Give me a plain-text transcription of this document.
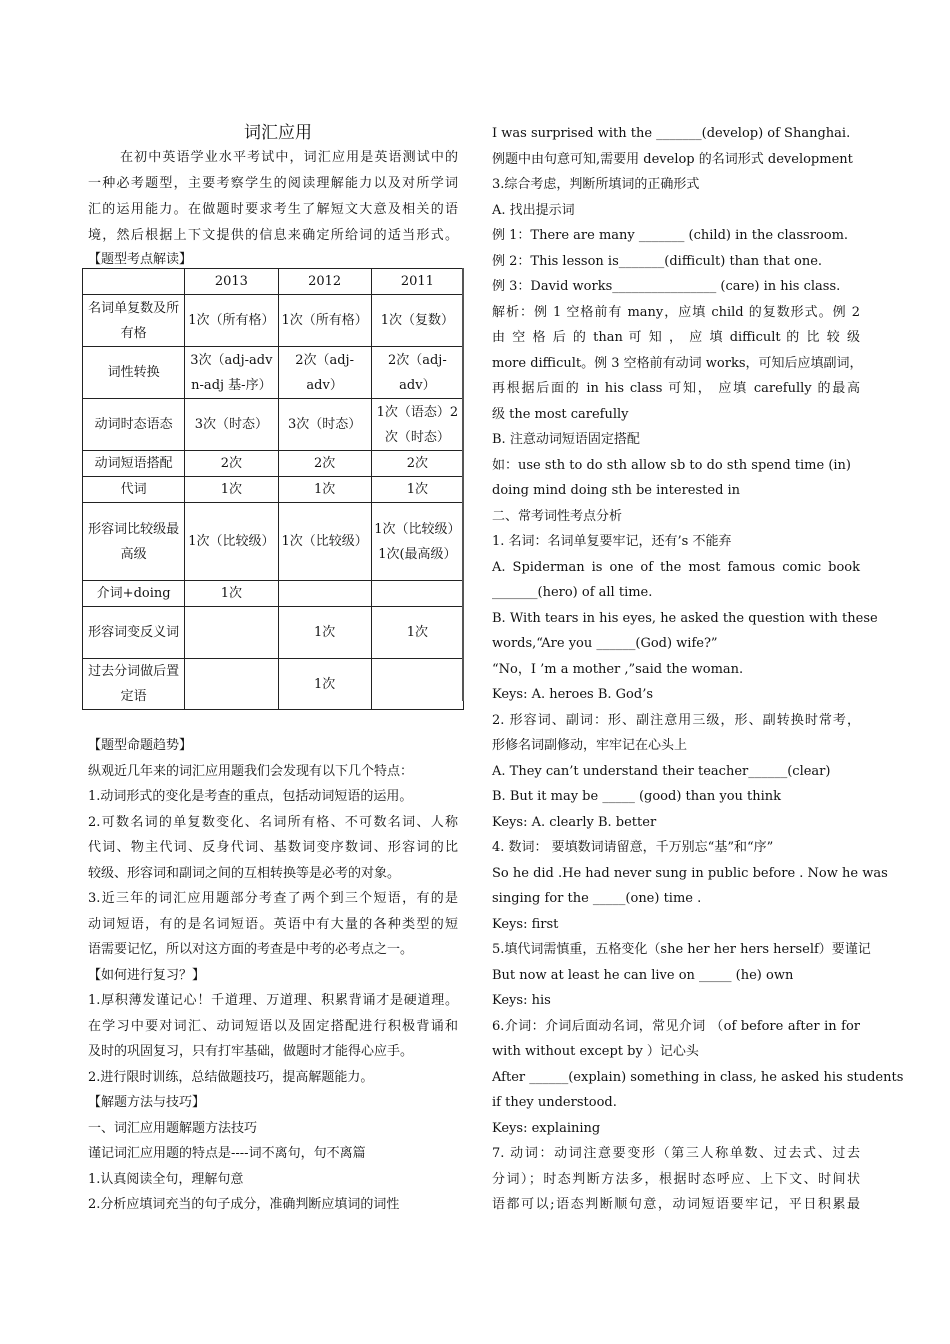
词汇应用
在初中英语学业水平考试中，词汇应用是英语测试中的
一种必考题型，主要考察学生的阅读理解能力以及对所学词
汇的运用能力。在做题时要求考生了解短文大意及相关的语
境，然后根据上下文提供的信息来确定所给词的适当形式。
【题型考点解读】
	2013	2012	2011
名词单复数及所有格	1次（所有格）	1次（所有格）	1次（复数）
词性转换	3次（adj-adv n-adj 基-序）	2次（adj-adv）	2次（adj-adv）
动词时态语态	3次（时态）	3次（时态）	1次（语态）2次（时态）
动词短语搭配	2次	2次	2次
代词	1次	1次	1次
形容词比较级最高级	1次（比较级）	1次（比较级）	1次（比较级）1次(最高级）
介词+doing	1次		
形容词变反义词		1次	1次
过去分词做后置定语		1次	
【题型命题趋势】
纵观近几年来的词汇应用题我们会发现有以下几个特点：
1.动词形式的变化是考查的重点，包括动词短语的运用。
2.可数名词的单复数变化、名词所有格、不可数名词、人称
代词、物主代词、反身代词、基数词变序数词、形容词的比
较级、形容词和副词之间的互相转换等是必考的对象。
3.近三年的词汇应用题部分考查了两个到三个短语，有的是
动词短语，有的是名词短语。英语中有大量的各种类型的短
语需要记忆，所以对这方面的考查是中考的必考点之一。
【如何进行复习？】
1.厚积薄发谨记心！千道理、万道理、积累背诵才是硬道理。
在学习中要对词汇、动词短语以及固定搭配进行积极背诵和
及时的巩固复习，只有打牢基础，做题时才能得心应手。
2.进行限时训练，总结做题技巧，提高解题能力。
【解题方法与技巧】
一、词汇应用题解题方法技巧
谨记词汇应用题的特点是----词不离句，句不离篇
1.认真阅读全句，理解句意
2.分析应填词充当的句子成分，准确判断应填词的词性
I was surprised with the _______(develop) of Shanghai.
例题中由句意可知,需要用 develop 的名词形式 development
3.综合考虑，判断所填词的正确形式
A. 找出提示词
例 1：There are many _______ (child) in the classroom.
例 2：This lesson is_______(difficult) than that one.
例 3：David works________________ (care) in his class.
解析：例 1 空格前有 many，应填 child 的复数形式。例 2
由 空 格 后 的 than 可 知 ， 应 填 difficult 的 比 较 级
more difficult。例 3 空格前有动词 works，可知后应填副词，
再根据后面的 in his class 可知， 应填 carefully 的最高
级 the most carefully
B. 注意动词短语固定搭配
如：use sth to do sth allow sb to do sth spend time (in)
doing mind doing sth be interested in
二、常考词性考点分析
1. 名词：名词单复要牢记，还有’s 不能弃
A. Spiderman is one of the most famous comic book
_______(hero) of all time.
B. With tears in his eyes, he asked the question with these
words,“Are you ______(God) wife?”
“No，I ’m a mother ,”said the woman.
Keys: A. heroes B. God’s
2. 形容词、副词：形、副注意用三级，形、副转换时常考，
形修名词副修动，牢牢记在心头上
A. They can’t understand their teacher______(clear)
B. But it may be _____ (good) than you think
Keys: A. clearly B. better
4. 数词： 要填数词请留意，千万别忘“基”和“序”
So he did .He had never sung in public before . Now he was
singing for the _____(one) time .
Keys: first
5.填代词需慎重，五格变化（she her her hers herself）要谨记
But now at least he can live on _____ (he) own
Keys: his
6.介词：介词后面动名词，常见介词 （of before after in for
with without except by ）记心头
After ______(explain) something in class, he asked his students
if they understood.
Keys: explaining
7. 动词：动词注意要变形（第三人称单数、过去式、过去
分词）；时态判断方法多，根据时态呼应、上下文、时间状
语都可以;语态判断顺句意，动词短语要牢记，平日积累最
